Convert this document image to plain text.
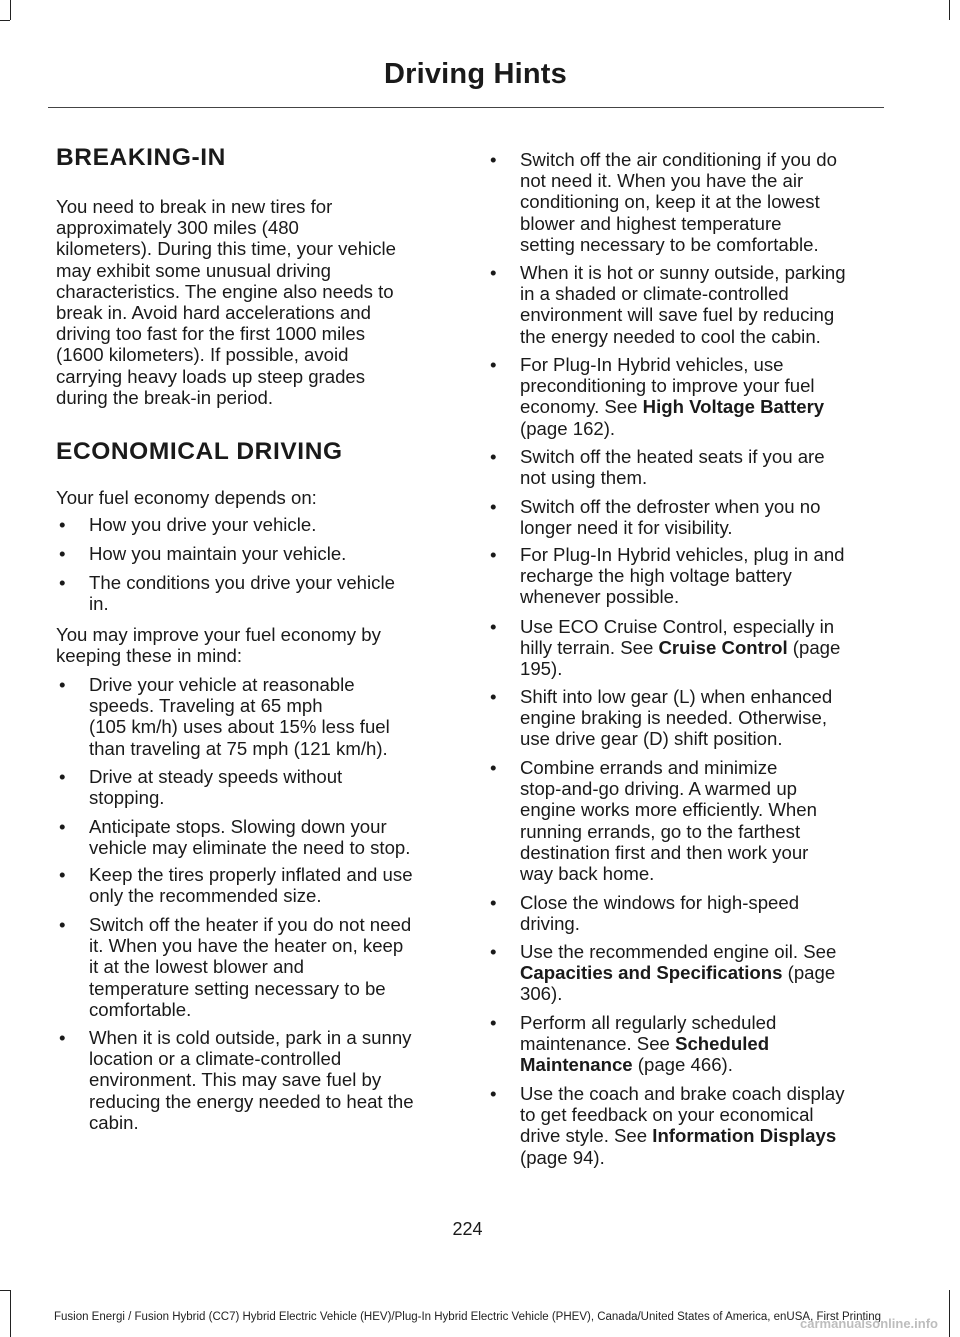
Driving Hints
BREAKING-IN
You need to break in new tires for
approximately 300 miles (480
kilometers). During this time, your vehicle
may exhibit some unusual driving
characteristics. The engine also needs to
break in. Avoid hard accelerations and
driving too fast for the first 1000 miles
(1600 kilometers). If possible, avoid
carrying heavy loads up steep grades
during the break-in period.
ECONOMICAL DRIVING
Your fuel economy depends on:
• How you drive your vehicle.
• How you maintain your vehicle.
• The conditions you drive your vehicle
in.
You may improve your fuel economy by
keeping these in mind:
• Drive your vehicle at reasonable
speeds. Traveling at 65 mph
(105 km/h) uses about 15% less fuel
than traveling at 75 mph (121 km/h).
• Drive at steady speeds without
stopping.
• Anticipate stops. Slowing down your
vehicle may eliminate the need to stop.
• Keep the tires properly inflated and use
only the recommended size.
• Switch off the heater if you do not need
it. When you have the heater on, keep
it at the lowest blower and
temperature setting necessary to be
comfortable.
• When it is cold outside, park in a sunny
location or a climate-controlled
environment. This may save fuel by
reducing the energy needed to heat the
cabin.
• Switch off the air conditioning if you do
not need it. When you have the air
conditioning on, keep it at the lowest
blower and highest temperature
setting necessary to be comfortable.
• When it is hot or sunny outside, parking
in a shaded or climate-controlled
environment will save fuel by reducing
the energy needed to cool the cabin.
• For Plug-In Hybrid vehicles, use
preconditioning to improve your fuel
economy. See High Voltage Battery
(page 162).
• Switch off the heated seats if you are
not using them.
• Switch off the defroster when you no
longer need it for visibility.
• For Plug-In Hybrid vehicles, plug in and
recharge the high voltage battery
whenever possible.
• Use ECO Cruise Control, especially in
hilly terrain. See Cruise Control (page
195).
• Shift into low gear (L) when enhanced
engine braking is needed. Otherwise,
use drive gear (D) shift position.
• Combine errands and minimize
stop-and-go driving. A warmed up
engine works more efficiently. When
running errands, go to the farthest
destination first and then work your
way back home.
• Close the windows for high-speed
driving.
• Use the recommended engine oil. See
Capacities and Specifications (page
306).
• Perform all regularly scheduled
maintenance. See Scheduled
Maintenance (page 466).
• Use the coach and brake coach display
to get feedback on your economical
drive style. See Information Displays
(page 94).
224
Fusion Energi / Fusion Hybrid (CC7) Hybrid Electric Vehicle (HEV)/Plug-In Hybrid Electric Vehicle (PHEV), Canada/United States of America, enUSA, First Printing
carmanualsonline.info
